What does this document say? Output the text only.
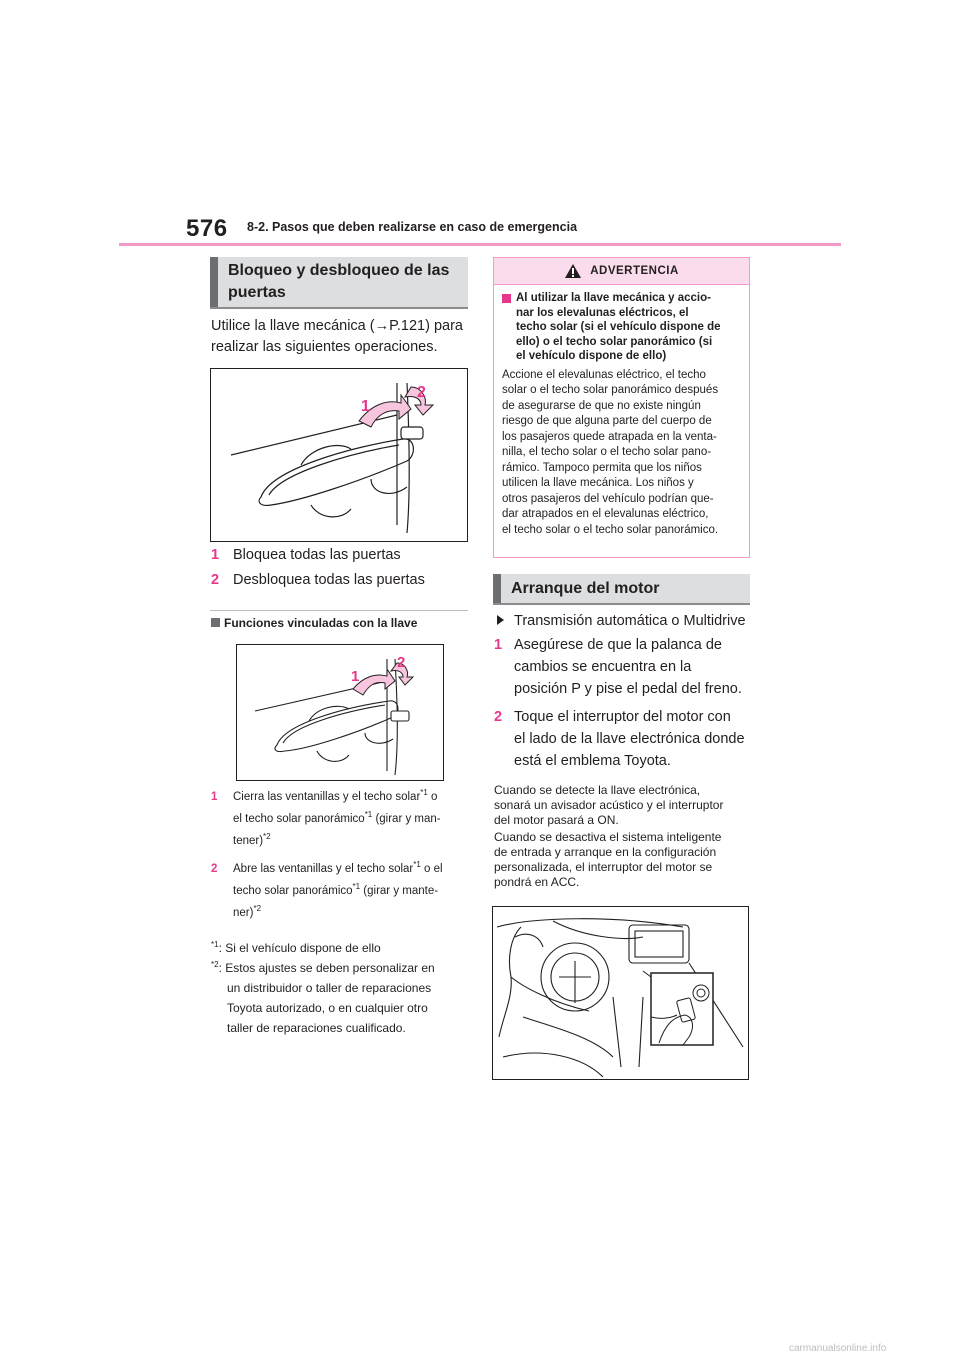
576 8-2. Pasos que deben realizarse en caso de emergencia
Bloqueo y desbloqueo de las
puertas
Utilice la llave mecánica (→P.121) para
realizar las siguientes operaciones.
1
2
1 Bloquea todas las puertas
2 Desbloquea todas las puertas
Funciones vinculadas con la llave
1
2
1	Cierra las ventanillas y el techo solar$^{*1}$ o
el techo solar panorámico$^{*1}$ (girar y man-
tener)$^{*2}$
2	Abre las ventanillas y el techo solar$^{*1}$ o el
techo solar panorámico$^{*1}$ (girar y mante-
ner)$^{*2}$
$^{*1}$: Si el vehículo dispone de ello
$^{*2}$: Estos ajustes se deben personalizar en
un distribuidor o taller de reparaciones
Toyota autorizado, o en cualquier otro
taller de reparaciones cualificado.
ADVERTENCIA
Al utilizar la llave mecánica y accio-
nar los elevalunas eléctricos, el
techo solar (si el vehículo dispone de
ello) o el techo solar panorámico (si
el vehículo dispone de ello)
Accione el elevalunas eléctrico, el techo
solar o el techo solar panorámico después
de asegurarse de que no existe ningún
riesgo de que alguna parte del cuerpo de
los pasajeros quede atrapada en la venta-
nilla, el techo solar o el techo solar pano-
rámico. Tampoco permita que los niños
utilicen la llave mecánica. Los niños y
otros pasajeros del vehículo podrían que-
dar atrapados en el elevalunas eléctrico,
el techo solar o el techo solar panorámico.
Arranque del motor
Transmisión automática o Multidrive
1 Asegúrese de que la palanca de
cambios se encuentra en la
posición P y pise el pedal del freno.
2 Toque el interruptor del motor con
el lado de la llave electrónica donde
está el emblema Toyota.
Cuando se detecte la llave electrónica,
sonará un avisador acústico y el interruptor
del motor pasará a ON.
Cuando se desactiva el sistema inteligente
de entrada y arranque en la configuración
personalizada, el interruptor del motor se
pondrá en ACC.
carmanualsonline.info
